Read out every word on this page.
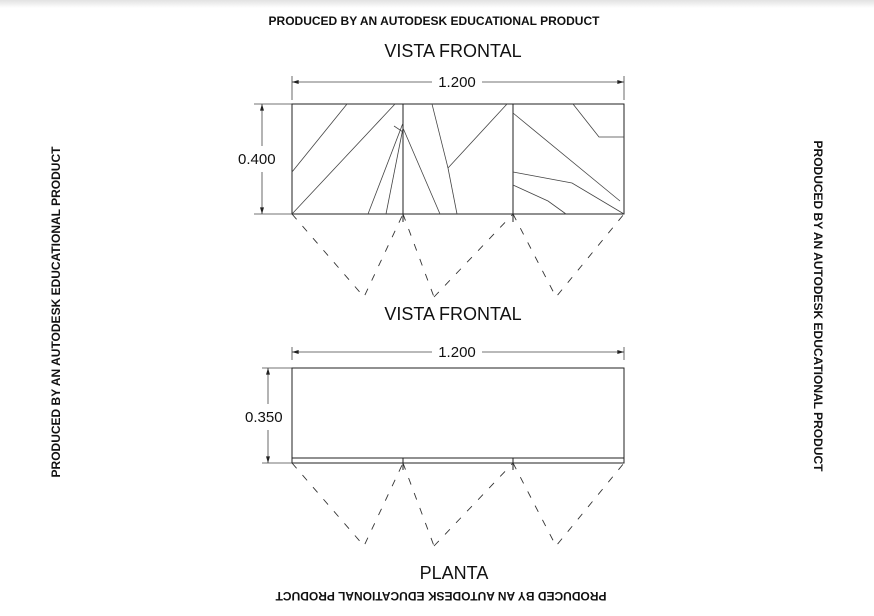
PRODUCED BY AN AUTODESK EDUCATIONAL PRODUCT
PRODUCED BY AN AUTODESK EDUCATIONAL PRODUCT
PRODUCED BY AN AUTODESK EDUCATIONAL PRODUCT	PRODUCED BY AN AUTODESK EDUCATIONAL PRODUCT
VISTA FRONTAL
1.200
0.400
VISTA FRONTAL
1.200
0.350
PLANTA
